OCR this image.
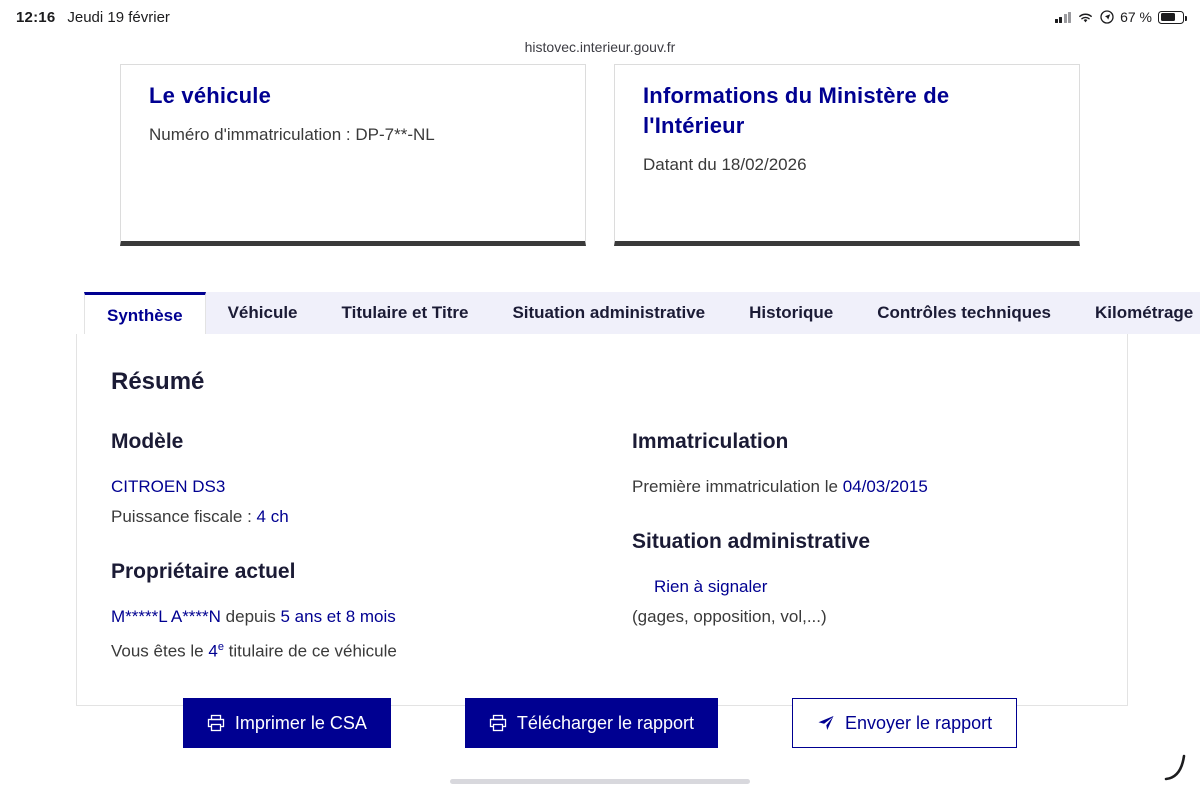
12:16 Jeudi 19 février	67 %
histovec.interieur.gouv.fr
Le véhicule

Numéro d'immatriculation : DP-7**-NL

Informations du Ministère de l'Intérieur

Datant du 18/02/2026

Synthèse	Véhicule	Titulaire et Titre	Situation administrative	Historique	Contrôles techniques	Kilométrage
Résumé
Modèle

CITROEN DS3

Puissance fiscale : 4 ch

Propriétaire actuel

M*****L A****N depuis 5 ans et 8 mois

Vous êtes le 4e titulaire de ce véhicule

Immatriculation

Première immatriculation le 04/03/2015

Situation administrative

Rien à signaler

(gages, opposition, vol,...)

Imprimer le CSA	Télécharger le rapport	Envoyer le rapport
